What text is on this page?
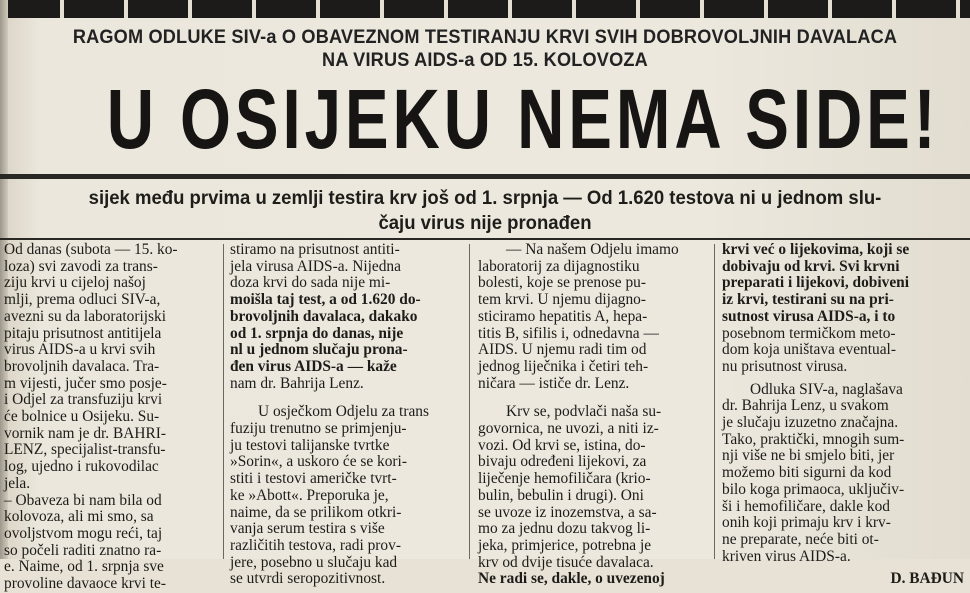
RAGOM ODLUKE SIV-a O OBAVEZNOM TESTIRANJU KRVI SVIH DOBROVOLJNIH DAVALACA
NA VIRUS AIDS-a OD 15. KOLOVOZA
U OSIJEKU NEMA SIDE!
sijek među prvima u zemlji testira krv još od 1. srpnja — Od 1.620 testova ni u jednom slu-
čaju virus nije pronađen
Od danas (subota — 15. ko-
loza) svi zavodi za trans-
ziju krvi u cijeloj našoj
mlji, prema odluci SIV-a,
avezni su da laboratorijski
pitaju prisutnost antitijela
virus AIDS-a u krvi svih
brovoljnih davalaca. Tra-
m vijesti, jučer smo posje-
i Odjel za transfuziju krvi
će bolnice u Osijeku. Su-
vornik nam je dr. BAHRI-
LENZ, specijalist-transfu-
log, ujedno i rukovodilac
jela.
– Obaveza bi nam bila od
kolovoza, ali mi smo, sa
ovoljstvom mogu reći, taj
so počeli raditi znatno ra-
e. Naime, od 1. srpnja sve
provoline davaoce krvi te-
stiramo na prisutnost antiti-
jela virusa AIDS-a. Nijedna
doza krvi do sada nije mi-
moišla taj test, a od 1.620 do-
brovoljnih davalaca, dakako
od 1. srpnja do danas, nije
nl u jednom slučaju prona-
đen virus AIDS-a — kaže
nam dr. Bahrija Lenz.
U osječkom Odjelu za trans
fuziju trenutno se primjenju-
ju testovi talijanske tvrtke
»Sorin«, a uskoro će se kori-
stiti i testovi američke tvrt-
ke »Abott«. Preporuka je,
naime, da se prilikom otkri-
vanja serum testira s više
različitih testova, radi prov-
jere, posebno u slučaju kad
se utvrdi seropozitivnost.
— Na našem Odjelu imamo
laboratorij za dijagnostiku
bolesti, koje se prenose pu-
tem krvi. U njemu dijagno-
sticiramo hepatitis A, hepa-
titis B, sifilis i, odnedavna —
AIDS. U njemu radi tim od
jednog liječnika i četiri teh-
ničara — ističe dr. Lenz.
Krv se, podvlači naša su-
govornica, ne uvozi, a niti iz-
vozi. Od krvi se, istina, do-
bivaju određeni lijekovi, za
liječenje hemofiličara (krio-
bulin, bebulin i drugi). Oni
se uvoze iz inozemstva, a sa-
mo za jednu dozu takvog li-
jeka, primjerice, potrebna je
krv od dvije tisuće davalaca.
Ne radi se, dakle, o uvezenoj
krvi već o lijekovima, koji se
dobivaju od krvi. Svi krvni
preparati i lijekovi, dobiveni
iz krvi, testirani su na pri-
sutnost virusa AIDS-a, i to
posebnom termičkom meto-
dom koja uništava eventual-
nu prisutnost virusa.
Odluka SIV-a, naglašava
dr. Bahrija Lenz, u svakom
je slučaju izuzetno značajna.
Tako, praktički, mnogih sum-
nji više ne bi smjelo biti, jer
možemo biti sigurni da kod
bilo koga primaoca, uključiv-
ši i hemofiličare, dakle kod
onih koji primaju krv i krv-
ne preparate, neće biti ot-
kriven virus AIDS-a.
D. BAĐUN
